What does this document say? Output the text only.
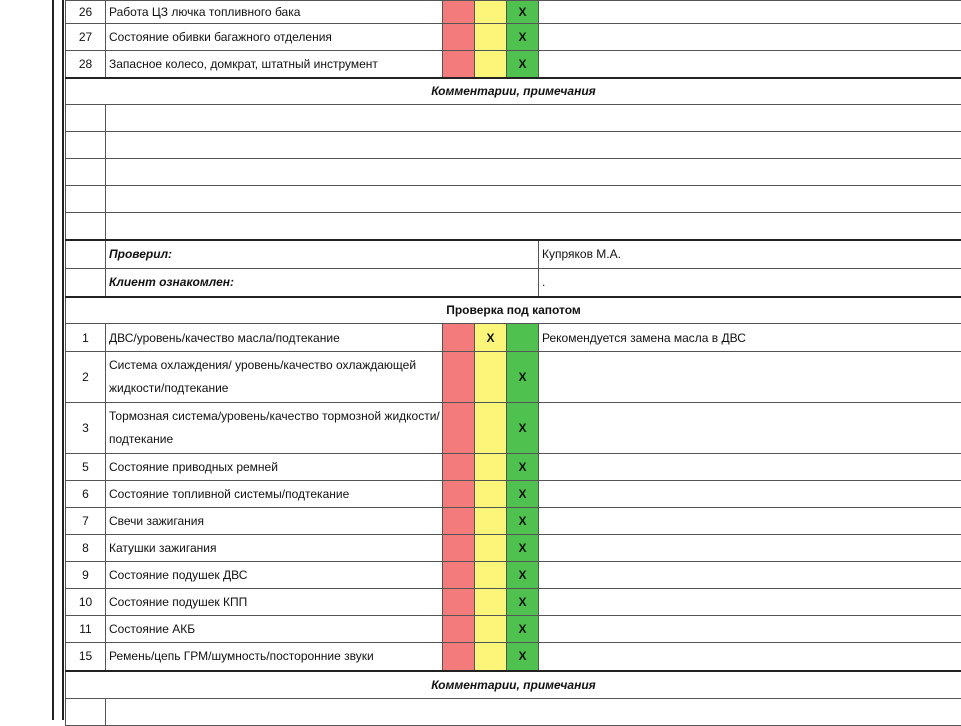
26	Работа ЦЗ лючка топливного бака			X	
27	Состояние обивки багажного отделения			X	
28	Запасное колесо, домкрат, штатный инструмент			X	
Комментарии, примечания					

	Проверил:				Купряков М.А.
	Клиент ознакомлен:				.
Проверка под капотом					
1	ДВС/уровень/качество масла/подтекание		X		Рекомендуется замена масла в ДВС
2	Система охлаждения/ уровень/качество охлаждающей жидкости/подтекание			X	
3	Тормозная система/уровень/качество тормозной жидкости/подтекание			X	
5	Состояние приводных ремней			X	
6	Состояние топливной системы/подтекание			X	
7	Свечи зажигания			X	
8	Катушки зажигания			X	
9	Состояние подушек ДВС			X	
10	Состояние подушек КПП			X	
11	Состояние АКБ			X	
15	Ремень/цепь ГРМ/шумность/посторонние звуки			X	
Комментарии, примечания					
